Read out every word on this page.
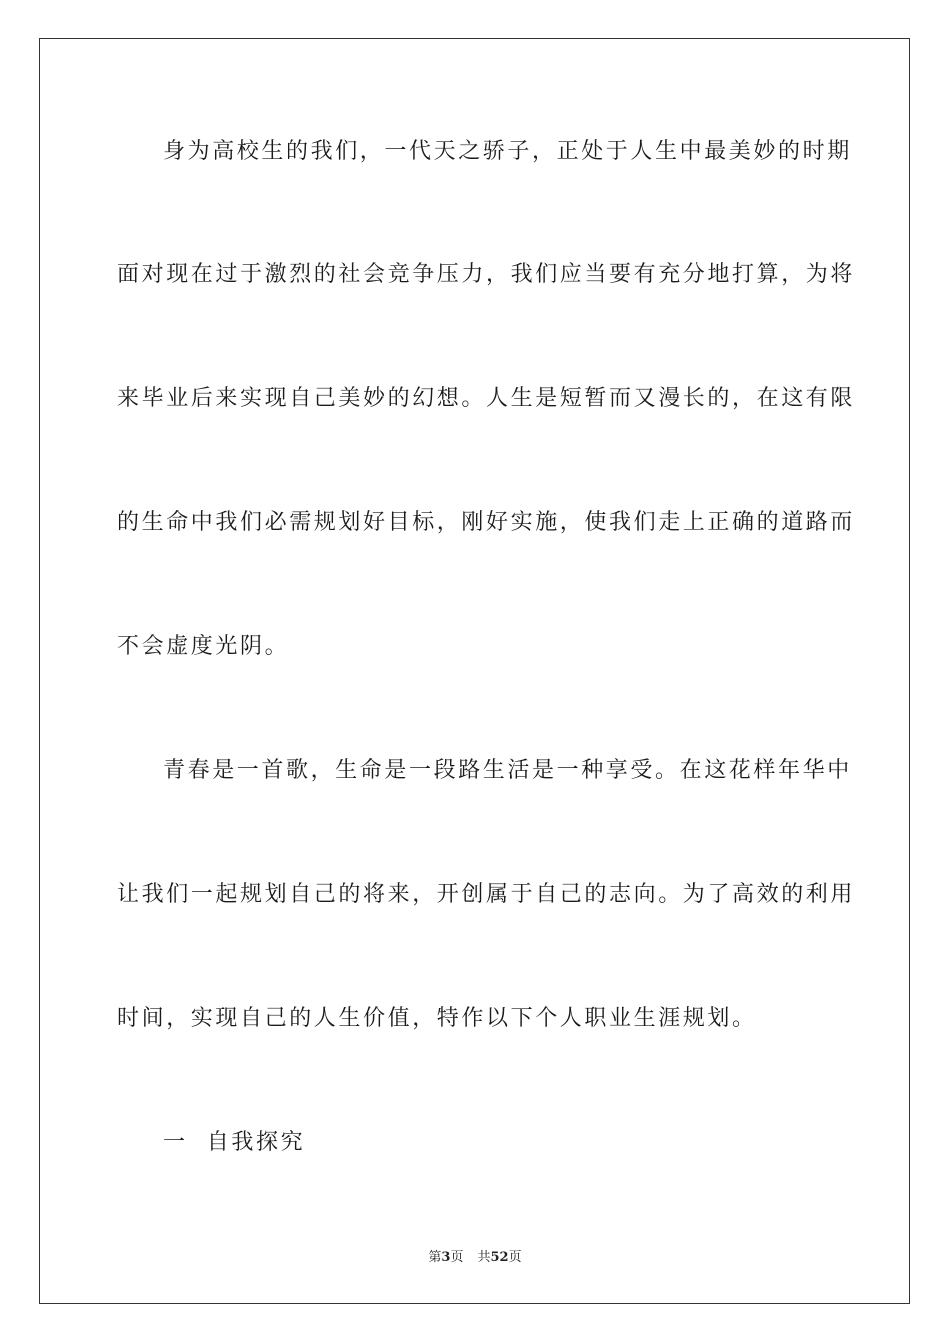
身为高校生的我们，一代天之骄子，正处于人生中最美妙的时期
面对现在过于激烈的社会竞争压力，我们应当要有充分地打算，为将
来毕业后来实现自己美妙的幻想。人生是短暂而又漫长的，在这有限
的生命中我们必需规划好目标，刚好实施，使我们走上正确的道路而
不会虚度光阴。
青春是一首歌，生命是一段路生活是一种享受。在这花样年华中
让我们一起规划自己的将来，开创属于自己的志向。为了高效的利用
时间，实现自己的人生价值，特作以下个人职业生涯规划。
一  自我探究
第3页 共52页
